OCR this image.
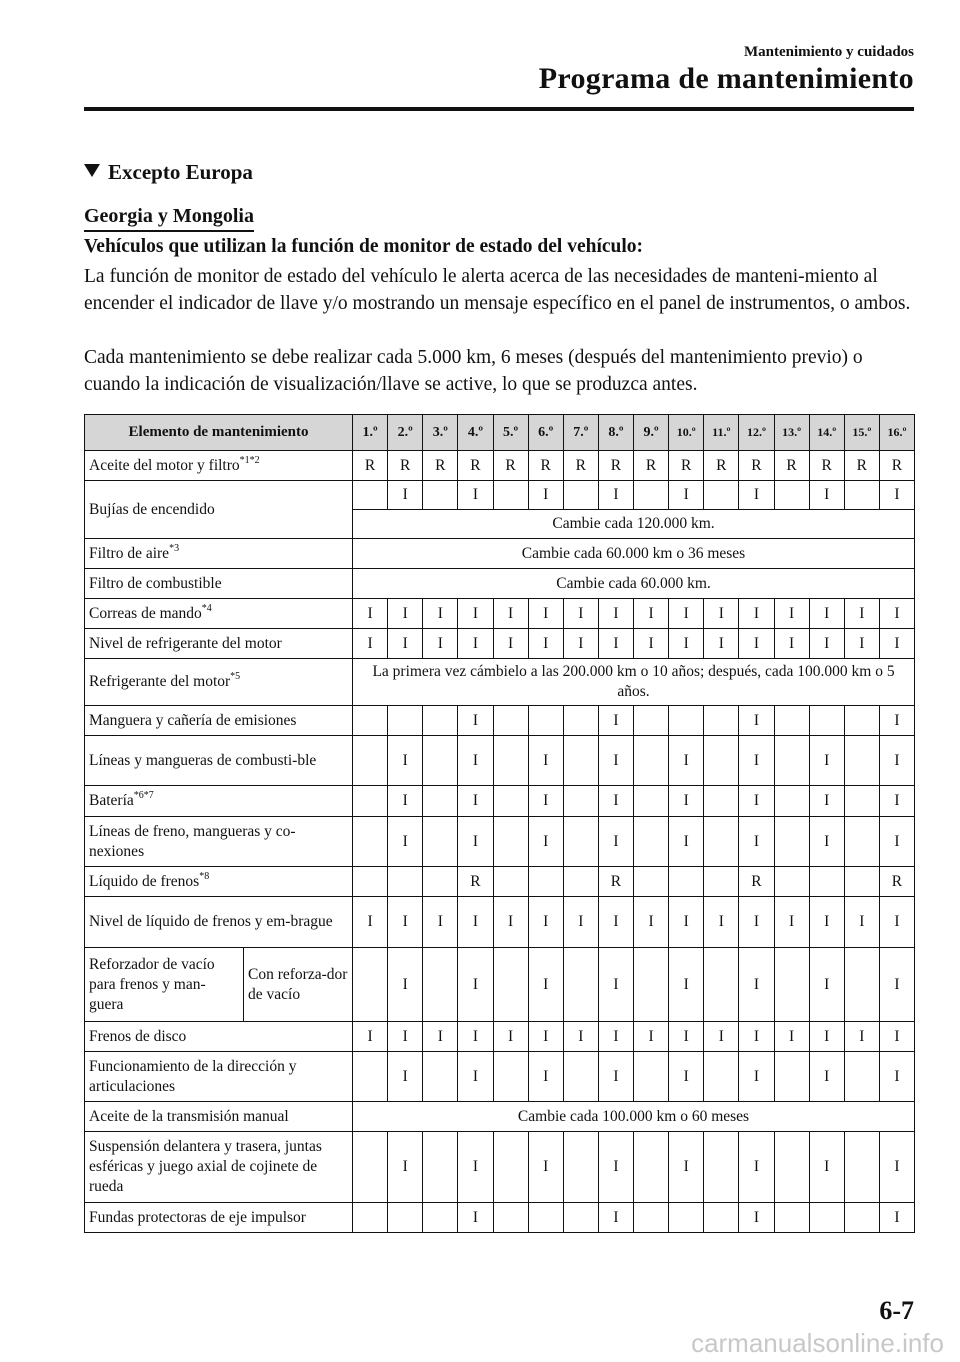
Mantenimiento y cuidados
Programa de mantenimiento
Excepto Europa
Georgia y Mongolia
Vehículos que utilizan la función de monitor de estado del vehículo:

La función de monitor de estado del vehículo le alerta acerca de las necesidades de manteni-miento al encender el indicador de llave y/o mostrando un mensaje específico en el panel de instrumentos, o ambos.

Cada mantenimiento se debe realizar cada 5.000 km, 6 meses (después del mantenimiento previo) o cuando la indicación de visualización/llave se active, lo que se produzca antes.

Elemento de mantenimiento		1.º	2.º	3.º	4.º	5.º	6.º	7.º	8.º	9.º	10.º	11.º	12.º	13.º	14.º	15.º	16.º
Aceite del motor y filtro$^{*1*2}$		R	R	R	R	R	R	R	R	R	R	R	R	R	R	R	R
Bujías de encendido			I		I		I		I		I		I		I		I
		Cambie cada 120.000 km.															
Filtro de aire$^{*3}$		Cambie cada 60.000 km o 36 meses															
Filtro de combustible		Cambie cada 60.000 km.															
Correas de mando$^{*4}$		I	I	I	I	I	I	I	I	I	I	I	I	I	I	I	I
Nivel de refrigerante del motor		I	I	I	I	I	I	I	I	I	I	I	I	I	I	I	I
Refrigerante del motor$^{*5}$		La primera vez cámbielo a las 200.000 km o 10 años; después, cada 100.000 km o 5 años.															
Manguera y cañería de emisiones					I				I				I				I
Líneas y mangueras de combusti-ble			I		I		I		I		I		I		I		I
Batería$^{*6*7}$			I		I		I		I		I		I		I		I
Líneas de freno, mangueras y co-nexiones			I		I		I		I		I		I		I		I
Líquido de frenos$^{*8}$					R				R				R				R
Nivel de líquido de frenos y em-brague		I	I	I	I	I	I	I	I	I	I	I	I	I	I	I	I
Reforzador de vacío para frenos y man-guera	Con reforza-dor de vacío		I		I		I		I		I		I		I		I
Frenos de disco		I	I	I	I	I	I	I	I	I	I	I	I	I	I	I	I
Funcionamiento de la dirección y articulaciones			I		I		I		I		I		I		I		I
Aceite de la transmisión manual		Cambie cada 100.000 km o 60 meses															
Suspensión delantera y trasera, juntas esféricas y juego axial de cojinete de rueda			I		I		I		I		I		I		I		I
Fundas protectoras de eje impulsor					I				I				I				I
6-7
carmanualsonline.info
